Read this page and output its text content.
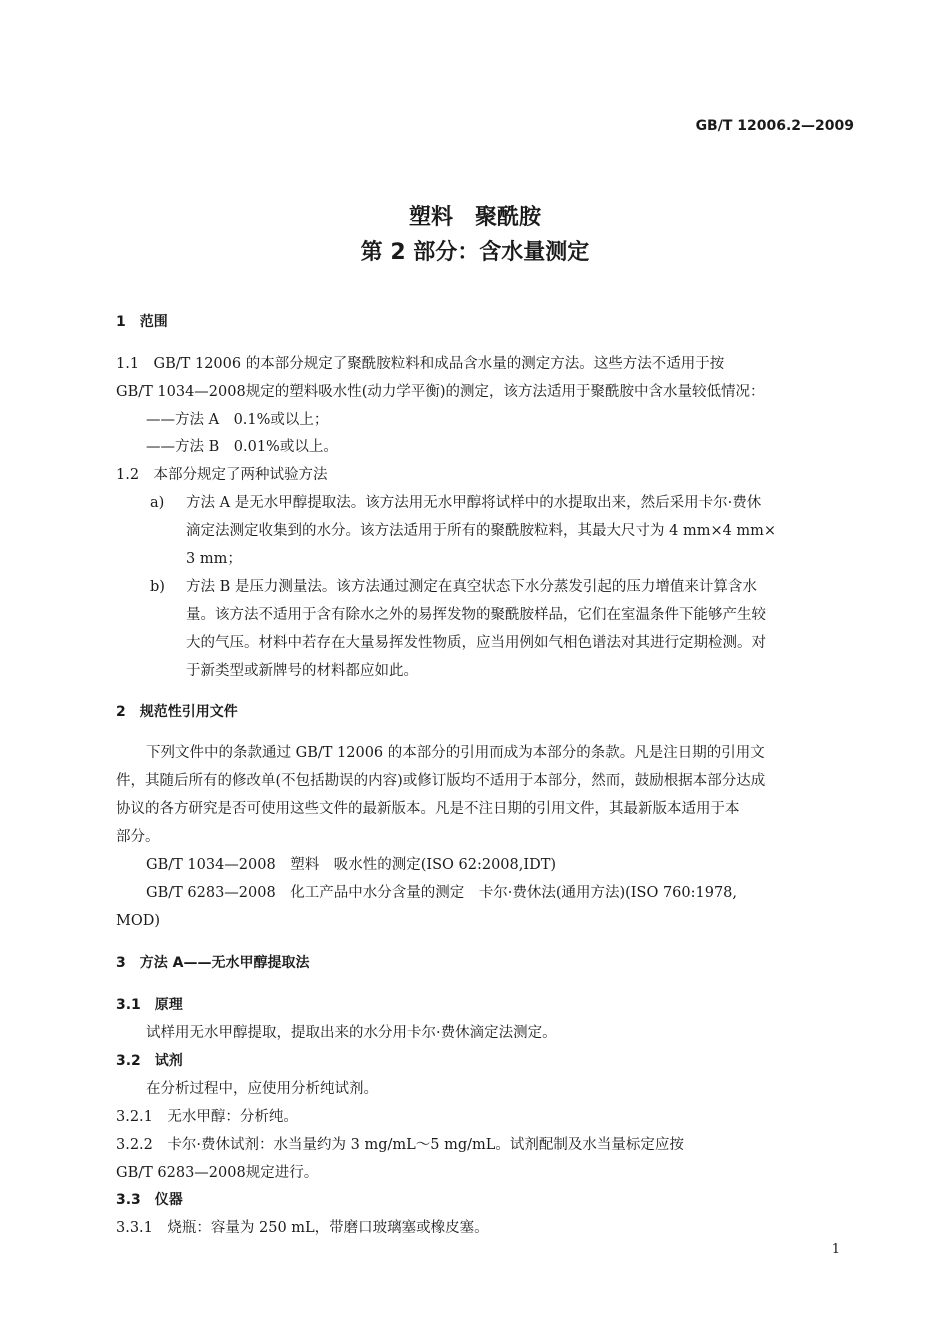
GB/T 12006.2—2009
塑料　聚酰胺
第 2 部分：含水量测定
1　范围
1.1　GB/T 12006 的本部分规定了聚酰胺粒料和成品含水量的测定方法。这些方法不适用于按
GB/T 1034—2008规定的塑料吸水性(动力学平衡)的测定，该方法适用于聚酰胺中含水量较低情况：
——方法 A　0.1%或以上；
——方法 B　0.01%或以上。
1.2　本部分规定了两种试验方法
a) 方法 A 是无水甲醇提取法。该方法用无水甲醇将试样中的水提取出来，然后采用卡尔·费休
滴定法测定收集到的水分。该方法适用于所有的聚酰胺粒料，其最大尺寸为 4 mm×4 mm×
3 mm；
b) 方法 B 是压力测量法。该方法通过测定在真空状态下水分蒸发引起的压力增值来计算含水
量。该方法不适用于含有除水之外的易挥发物的聚酰胺样品，它们在室温条件下能够产生较
大的气压。材料中若存在大量易挥发性物质，应当用例如气相色谱法对其进行定期检测。对
于新类型或新牌号的材料都应如此。
2　规范性引用文件
下列文件中的条款通过 GB/T 12006 的本部分的引用而成为本部分的条款。凡是注日期的引用文
件，其随后所有的修改单(不包括勘误的内容)或修订版均不适用于本部分，然而，鼓励根据本部分达成
协议的各方研究是否可使用这些文件的最新版本。凡是不注日期的引用文件，其最新版本适用于本
部分。
GB/T 1034—2008　塑料　吸水性的测定(ISO 62:2008,IDT)
GB/T 6283—2008　化工产品中水分含量的测定　卡尔·费休法(通用方法)(ISO 760:1978,
MOD)
3　方法 A——无水甲醇提取法
3.1　原理
试样用无水甲醇提取，提取出来的水分用卡尔·费休滴定法测定。
3.2　试剂
在分析过程中，应使用分析纯试剂。
3.2.1　无水甲醇：分析纯。
3.2.2　卡尔·费休试剂：水当量约为 3 mg/mL～5 mg/mL。试剂配制及水当量标定应按
GB/T 6283—2008规定进行。
3.3　仪器
3.3.1　烧瓶：容量为 250 mL，带磨口玻璃塞或橡皮塞。
1
